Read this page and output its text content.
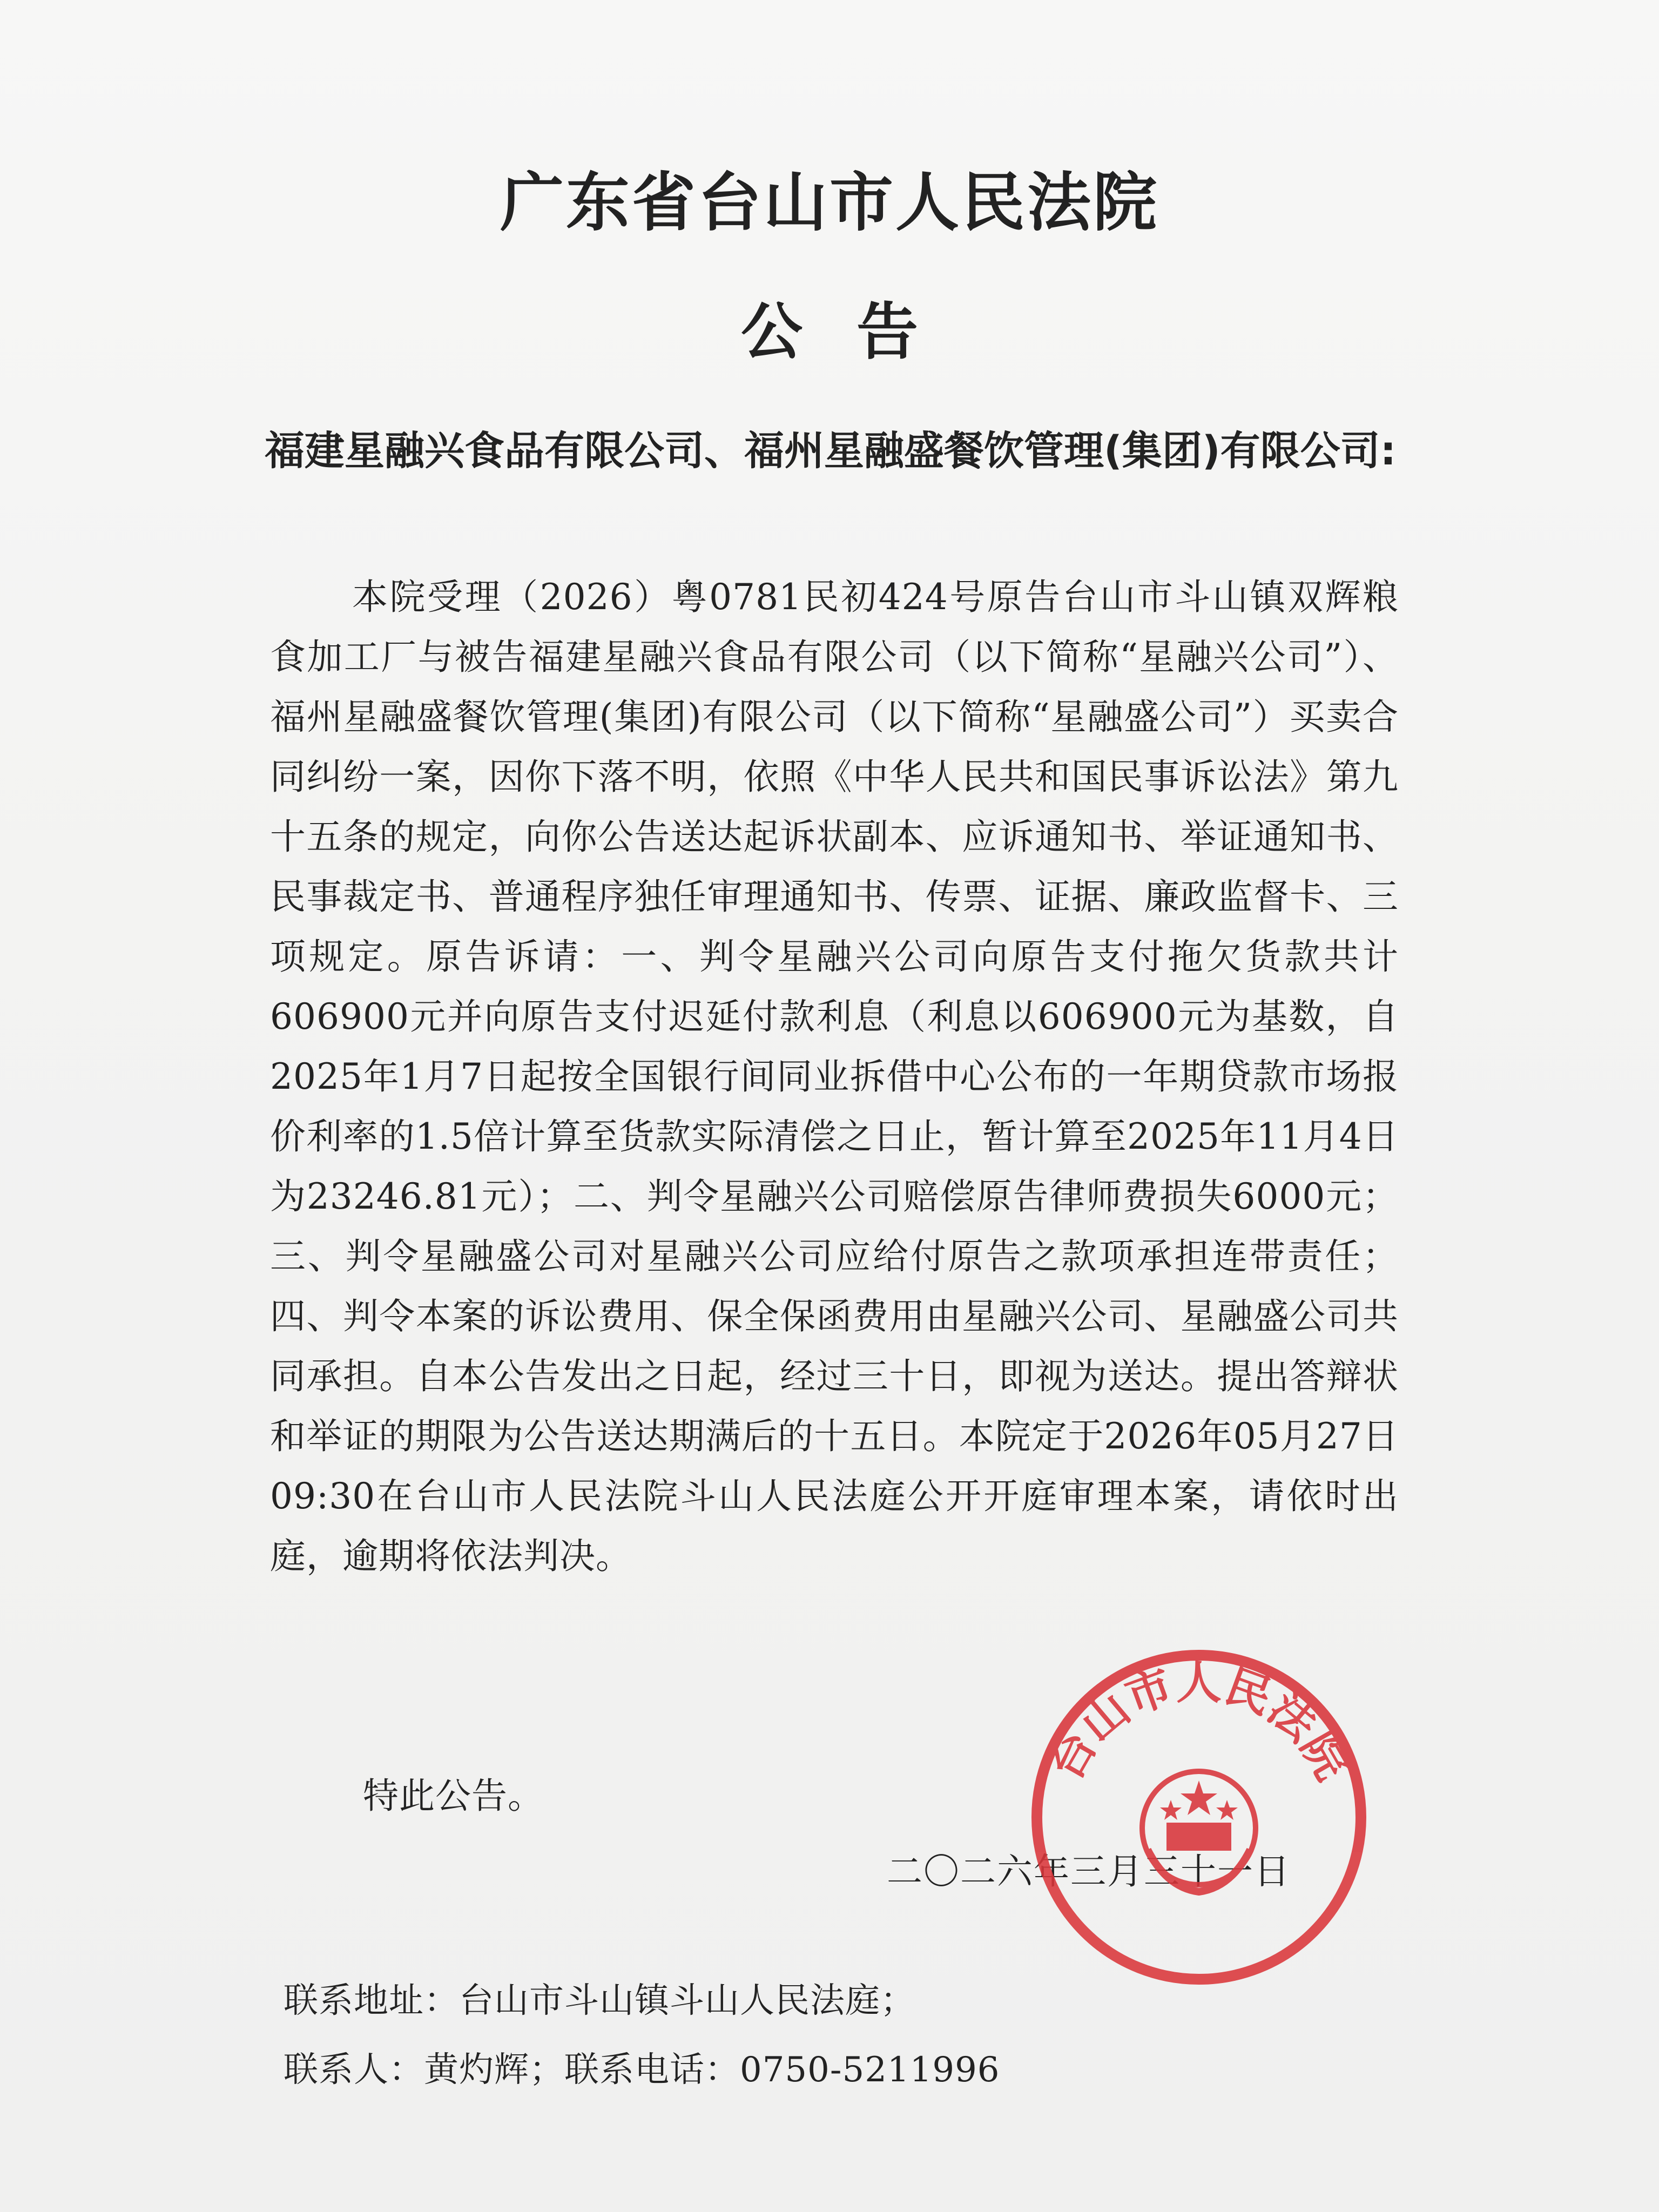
广东省台山市人民法院
公告

福建星融兴食品有限公司、福州星融盛餐饮管理(集团)有限公司:

本院受理（2026）粤0781民初424号原告台山市斗山镇双辉粮食加工厂与被告福建星融兴食品有限公司（以下简称“星融兴公司”）、福州星融盛餐饮管理(集团)有限公司（以下简称“星融盛公司”）买卖合同纠纷一案，因你下落不明，依照《中华人民共和国民事诉讼法》第九十五条的规定，向你公告送达起诉状副本、应诉通知书、举证通知书、民事裁定书、普通程序独任审理通知书、传票、证据、廉政监督卡、三项规定。原告诉请：一、判令星融兴公司向原告支付拖欠货款共计606900元并向原告支付迟延付款利息（利息以606900元为基数，自2025年1月7日起按全国银行间同业拆借中心公布的一年期贷款市场报价利率的1.5倍计算至货款实际清偿之日止，暂计算至2025年11月4日为23246.81元）；二、判令星融兴公司赔偿原告律师费损失6000元；三、判令星融盛公司对星融兴公司应给付原告之款项承担连带责任；四、判令本案的诉讼费用、保全保函费用由星融兴公司、星融盛公司共同承担。自本公告发出之日起，经过三十日，即视为送达。提出答辩状和举证的期限为公告送达期满后的十五日。本院定于2026年05月27日09:30在台山市人民法院斗山人民法庭公开开庭审理本案，请依时出庭，逾期将依法判决。

特此公告。

二〇二六年三月三十一日

台山市人民法院

联系地址：台山市斗山镇斗山人民法庭；

联系人：黄灼辉；联系电话：0750-5211996
